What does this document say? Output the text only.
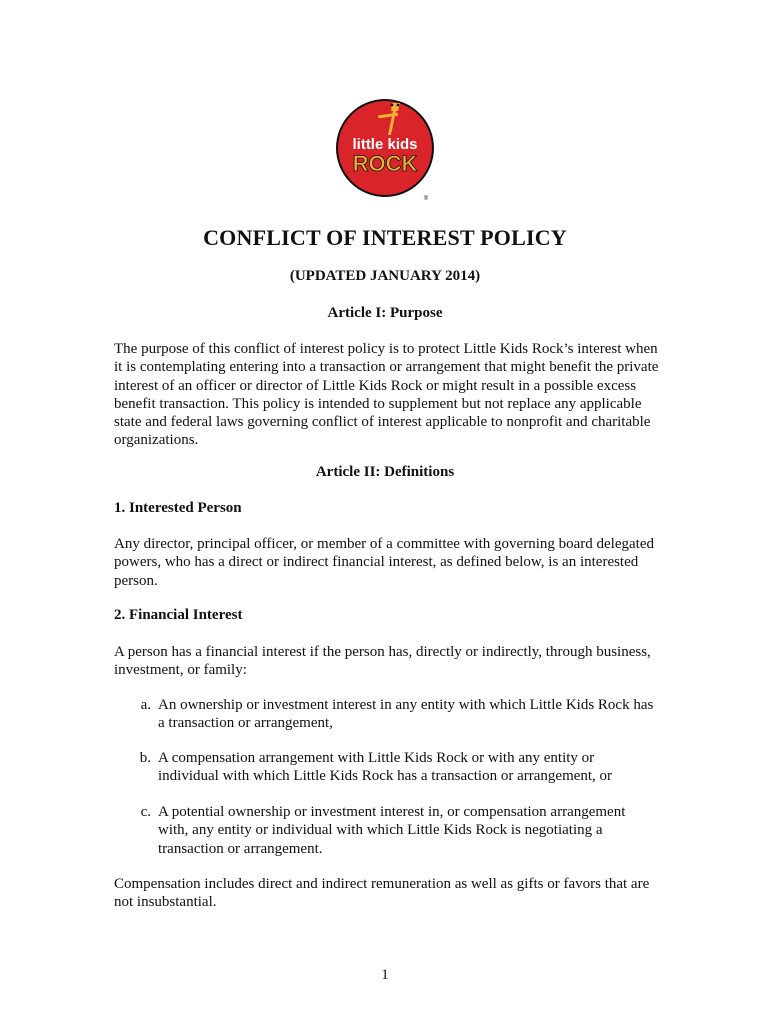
little kids
ROCK
®
CONFLICT OF INTEREST POLICY

(UPDATED JANUARY 2014)

Article I: Purpose

The purpose of this conflict of interest policy is to protect Little Kids Rock’s interest when it is contemplating entering into a transaction or arrangement that might benefit the private interest of an officer or director of Little Kids Rock or might result in a possible excess benefit transaction. This policy is intended to supplement but not replace any applicable state and federal laws governing conflict of interest applicable to nonprofit and charitable organizations.

Article II: Definitions

1. Interested Person

Any director, principal officer, or member of a committee with governing board delegated powers, who has a direct or indirect financial interest, as defined below, is an interested person.

2. Financial Interest

A person has a financial interest if the person has, directly or indirectly, through business, investment, or family:

a. An ownership or investment interest in any entity with which Little Kids Rock has a transaction or arrangement,
b. A compensation arrangement with Little Kids Rock or with any entity or individual with which Little Kids Rock has a transaction or arrangement, or
c. A potential ownership or investment interest in, or compensation arrangement with, any entity or individual with which Little Kids Rock is negotiating a transaction or arrangement.

Compensation includes direct and indirect remuneration as well as gifts or favors that are not insubstantial.

1
